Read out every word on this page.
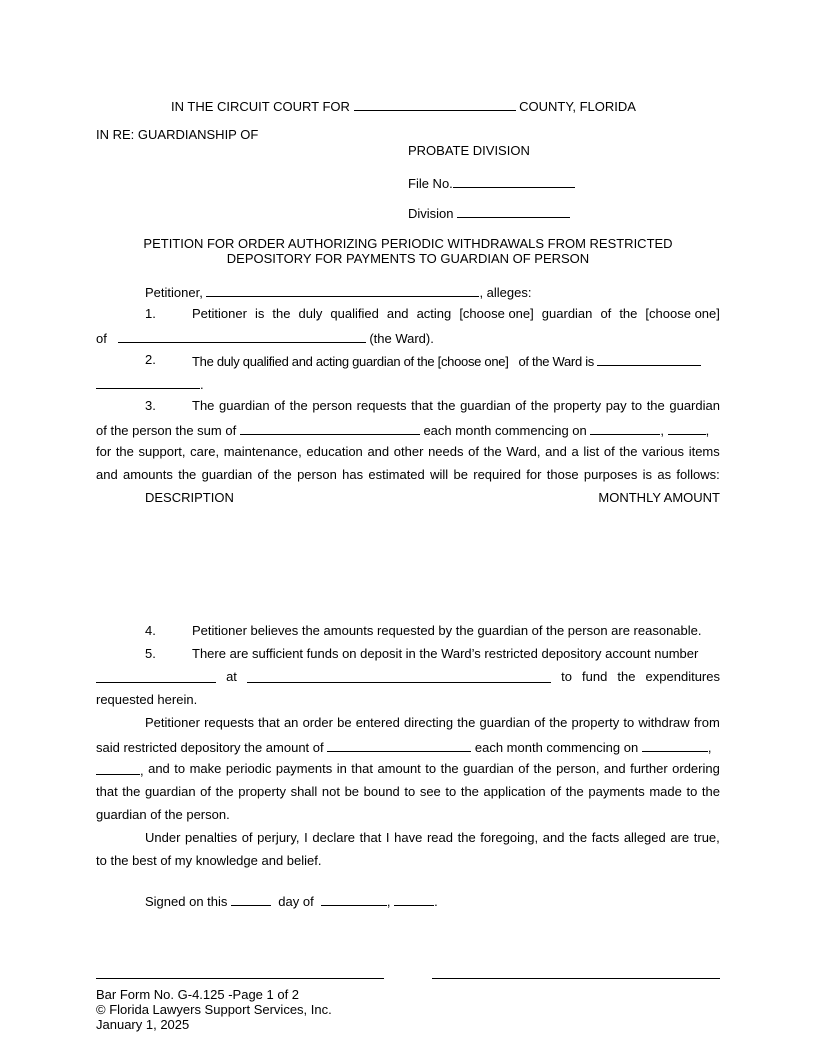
IN THE CIRCUIT COURT FOR	COUNTY, FLORIDA
IN RE: GUARDIANSHIP OF
PROBATE DIVISION
File No.
Division
PETITION FOR ORDER AUTHORIZING PERIODIC WITHDRAWALS FROM RESTRICTED
DEPOSITORY FOR PAYMENTS TO GUARDIAN OF PERSON
Petitioner,	, alleges:
1.	Petitioner is the duly qualified and acting [choose one] guardian of the [choose one]
of	(the Ward).
2.	The duly qualified and acting guardian of the [choose one] of the Ward is
.
3.	The guardian of the person requests that the guardian of the property pay to the guardian
of the person the sum of	each month commencing on	,	,
for the support, care, maintenance, education and other needs of the Ward, and a list of the various items
and amounts the guardian of the person has estimated will be required for those purposes is as follows:
DESCRIPTION	MONTHLY AMOUNT
4.	Petitioner believes the amounts requested by the guardian of the person are reasonable.
5.	There are sufficient funds on deposit in the Ward’s restricted depository account number
at	to fund the expenditures
requested herein.
Petitioner requests that an order be entered directing the guardian of the property to withdraw from
said restricted depository the amount of	each month commencing on	,
, and to make periodic payments in that amount to the guardian of the person, and further ordering
that the guardian of the property shall not be bound to see to the application of the payments made to the
guardian of the person.
Under penalties of perjury, I declare that I have read the foregoing, and the facts alleged are true,
to the best of my knowledge and belief.
Signed on this	day of	,	.
Bar Form No. G-4.125 -Page 1 of 2
© Florida Lawyers Support Services, Inc.
January 1, 2025
